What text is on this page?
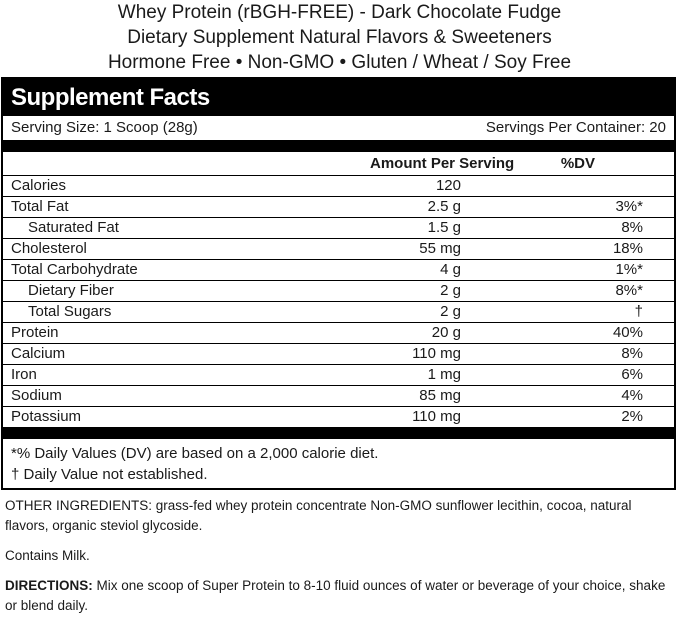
Whey Protein (rBGH-FREE) - Dark Chocolate Fudge
Dietary Supplement Natural Flavors & Sweeteners
Hormone Free • Non-GMO • Gluten / Wheat / Soy Free
Supplement Facts
Serving Size: 1 Scoop (28g)	Servings Per Container: 20
Amount Per Serving	%DV
Calories	120
Total Fat	2.5 g	3%*
Saturated Fat	1.5 g	8%
Cholesterol	55 mg	18%
Total Carbohydrate	4 g	1%*
Dietary Fiber	2 g	8%*
Total Sugars	2 g	†
Protein	20 g	40%
Calcium	110 mg	8%
Iron	1 mg	6%
Sodium	85 mg	4%
Potassium	110 mg	2%
*% Daily Values (DV) are based on a 2,000 calorie diet.
† Daily Value not established.

OTHER INGREDIENTS: grass-fed whey protein concentrate Non-GMO sunflower lecithin, cocoa, natural flavors, organic steviol glycoside.

Contains Milk.

DIRECTIONS: Mix one scoop of Super Protein to 8-10 fluid ounces of water or beverage of your choice, shake or blend daily.
